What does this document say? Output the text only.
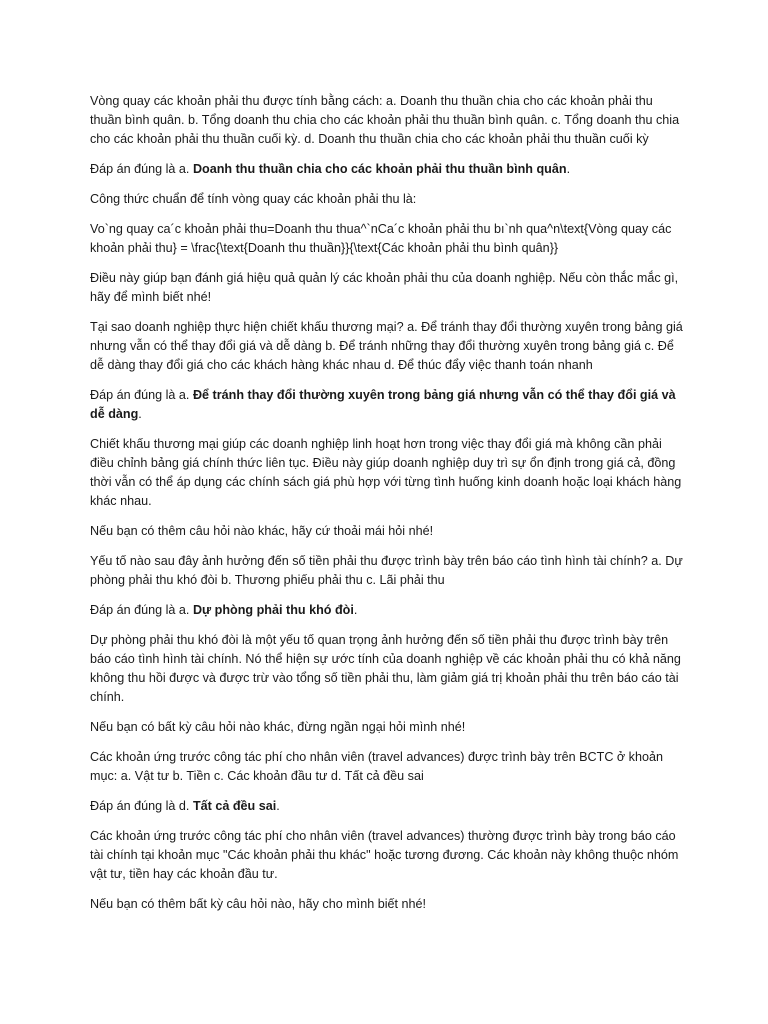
Vòng quay các khoản phải thu được tính bằng cách: a. Doanh thu thuần chia cho các khoản phải thu thuần bình quân. b. Tổng doanh thu chia cho các khoản phải thu thuần bình quân. c. Tổng doanh thu chia cho các khoản phải thu thuần cuối kỳ. d. Doanh thu thuần chia cho các khoản phải thu thuần cuối kỳ

Đáp án đúng là a. Doanh thu thuần chia cho các khoản phải thu thuần bình quân.

Công thức chuẩn để tính vòng quay các khoản phải thu là:

Vo`ng quay ca´c khoản phải thu=Doanh thu thua^`nCa´c khoản phải thu bı`nh qua^n\text{Vòng quay các khoản phải thu} = \frac{\text{Doanh thu thuần}}{\text{Các khoản phải thu bình quân}}

Điều này giúp bạn đánh giá hiệu quả quản lý các khoản phải thu của doanh nghiệp. Nếu còn thắc mắc gì, hãy để mình biết nhé!

Tại sao doanh nghiệp thực hiện chiết khấu thương mại? a. Để tránh thay đổi thường xuyên trong bảng giá nhưng vẫn có thể thay đổi giá và dễ dàng b. Để tránh những thay đổi thường xuyên trong bảng giá c. Để dễ dàng thay đổi giá cho các khách hàng khác nhau d. Để thúc đẩy việc thanh toán nhanh

Đáp án đúng là a. Để tránh thay đổi thường xuyên trong bảng giá nhưng vẫn có thể thay đổi giá và dễ dàng.

Chiết khấu thương mại giúp các doanh nghiệp linh hoạt hơn trong việc thay đổi giá mà không cần phải điều chỉnh bảng giá chính thức liên tục. Điều này giúp doanh nghiệp duy trì sự ổn định trong giá cả, đồng thời vẫn có thể áp dụng các chính sách giá phù hợp với từng tình huống kinh doanh hoặc loại khách hàng khác nhau.

Nếu bạn có thêm câu hỏi nào khác, hãy cứ thoải mái hỏi nhé!

Yếu tố nào sau đây ảnh hưởng đến số tiền phải thu được trình bày trên báo cáo tình hình tài chính? a. Dự phòng phải thu khó đòi b. Thương phiếu phải thu c. Lãi phải thu

Đáp án đúng là a. Dự phòng phải thu khó đòi.

Dự phòng phải thu khó đòi là một yếu tố quan trọng ảnh hưởng đến số tiền phải thu được trình bày trên báo cáo tình hình tài chính. Nó thể hiện sự ước tính của doanh nghiệp về các khoản phải thu có khả năng không thu hồi được và được trừ vào tổng số tiền phải thu, làm giảm giá trị khoản phải thu trên báo cáo tài chính.

Nếu bạn có bất kỳ câu hỏi nào khác, đừng ngần ngại hỏi mình nhé!

Các khoản ứng trước công tác phí cho nhân viên (travel advances) được trình bày trên BCTC ở khoản mục: a. Vật tư b. Tiền c. Các khoản đầu tư d. Tất cả đều sai

Đáp án đúng là d. Tất cả đều sai.

Các khoản ứng trước công tác phí cho nhân viên (travel advances) thường được trình bày trong báo cáo tài chính tại khoản mục "Các khoản phải thu khác" hoặc tương đương. Các khoản này không thuộc nhóm vật tư, tiền hay các khoản đầu tư.

Nếu bạn có thêm bất kỳ câu hỏi nào, hãy cho mình biết nhé!
